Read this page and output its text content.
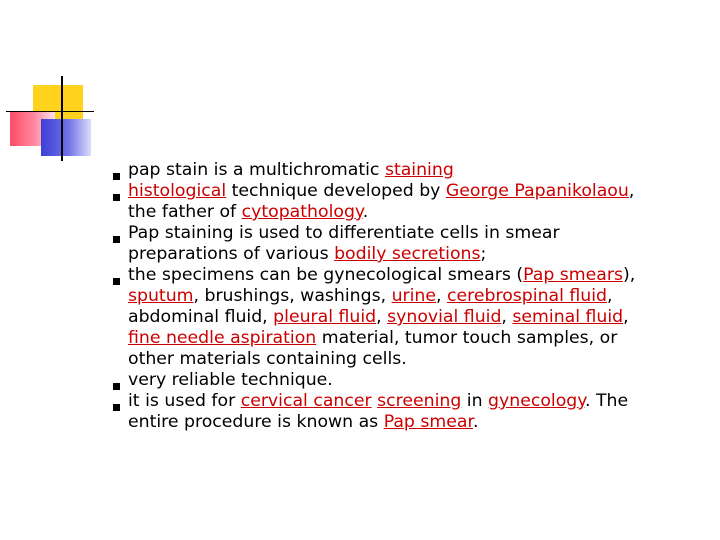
pap stain is a multichromatic staining
histological technique developed by George Papanikolaou,
the father of cytopathology.
Pap staining is used to differentiate cells in smear
preparations of various bodily secretions;
the specimens can be gynecological smears (Pap smears),
sputum, brushings, washings, urine, cerebrospinal fluid,
abdominal fluid, pleural fluid, synovial fluid, seminal fluid,
fine needle aspiration material, tumor touch samples, or
other materials containing cells.
very reliable technique.
it is used for cervical cancer screening in gynecology. The
entire procedure is known as Pap smear.
